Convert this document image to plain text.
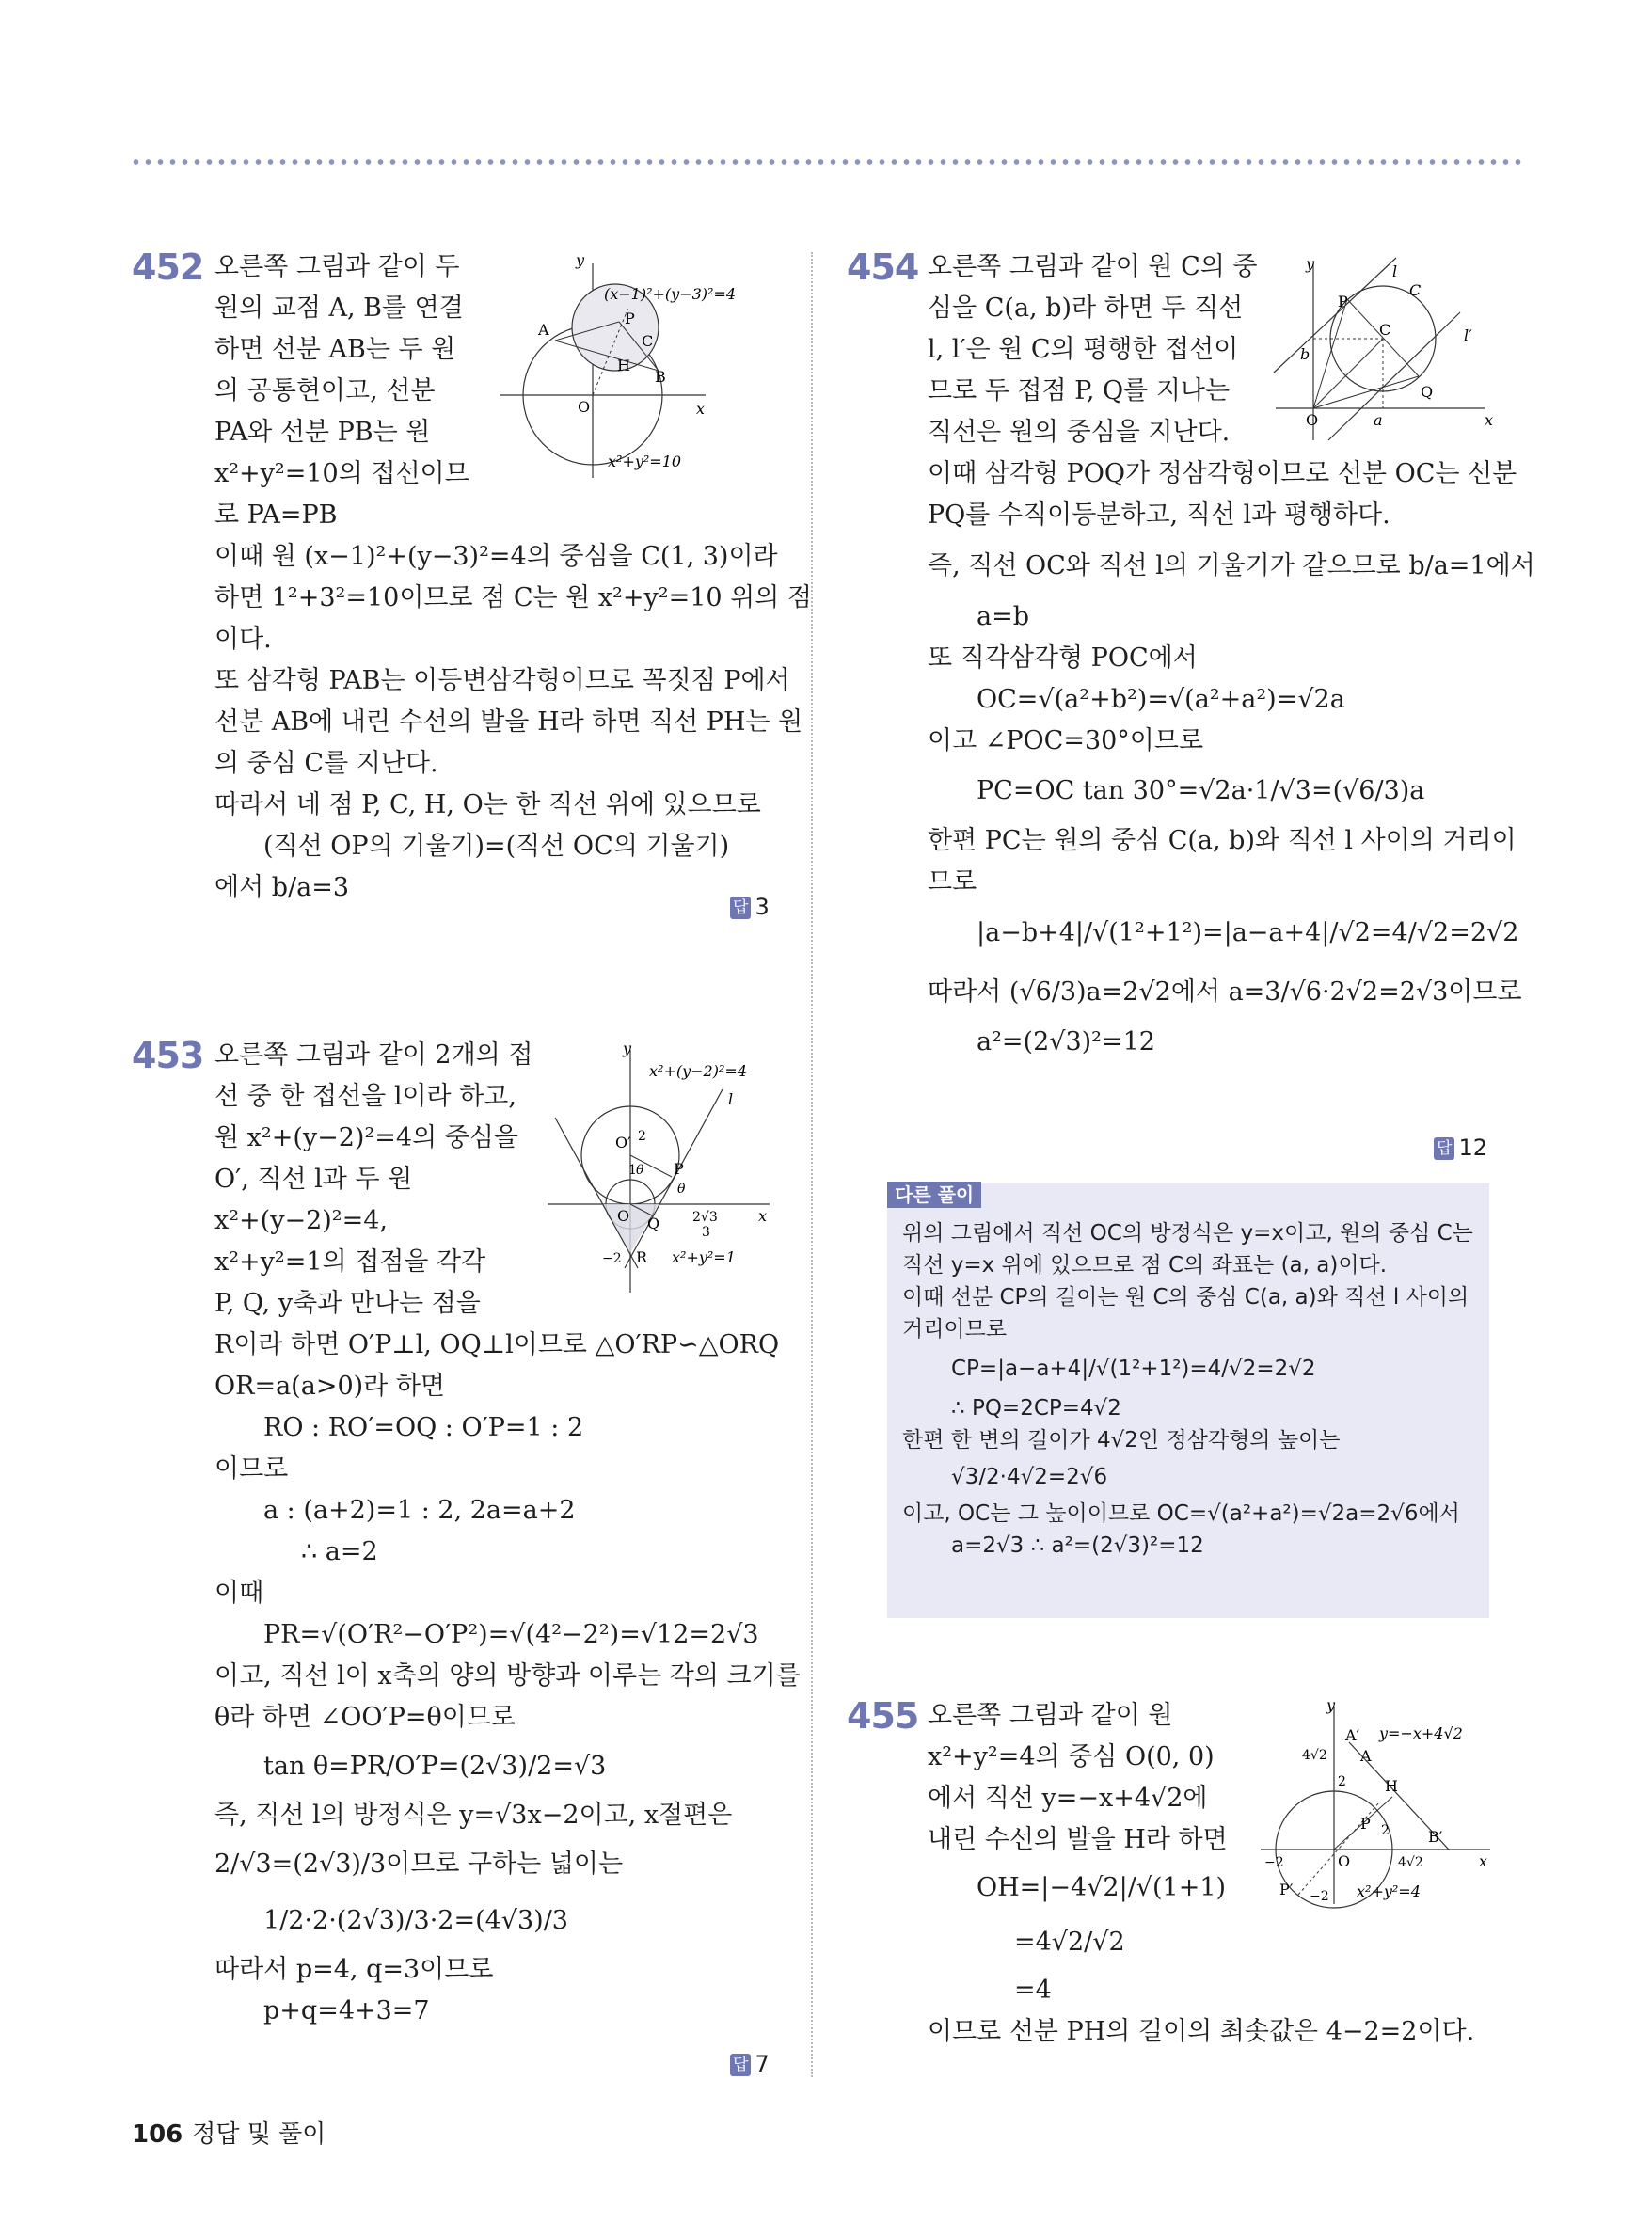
452 오른쪽 그림과 같이 두
원의 교점 A, B를 연결
하면 선분 AB는 두 원
의 공통현이고, 선분
PA와 선분 PB는 원
x²+y²=10의 접선이므
로 PA=PB
이때 원 (x−1)²+(y−3)²=4의 중심을 C(1, 3)이라
하면 1²+3²=10이므로 점 C는 원 x²+y²=10 위의 점
이다.
또 삼각형 PAB는 이등변삼각형이므로 꼭짓점 P에서
선분 AB에 내린 수선의 발을 H라 하면 직선 PH는 원
의 중심 C를 지난다.
따라서 네 점 P, C, H, O는 한 직선 위에 있으므로
(직선 OP의 기울기)=(직선 OC의 기울기)
에서 b/a=3
답 3
y
x
O
A
P
C
H
B
(x−1)²+(y−3)²=4
x²+y²=10
453 오른쪽 그림과 같이 2개의 접
선 중 한 접선을 l이라 하고,
원 x²+(y−2)²=4의 중심을
O′, 직선 l과 두 원
x²+(y−2)²=4,
x²+y²=1의 접점을 각각
P, Q, y축과 만나는 점을
R이라 하면 O′P⊥l, OQ⊥l이므로 △O′RP∽△ORQ
OR=a(a>0)라 하면
RO : RO′=OQ : O′P=1 : 2
이므로
a : (a+2)=1 : 2, 2a=a+2
∴ a=2
이때
PR=√(O′R²−O′P²)=√(4²−2²)=√12=2√3
이고, 직선 l이 x축의 양의 방향과 이루는 각의 크기를
θ라 하면 ∠OO′P=θ이므로
tan θ=PR/O′P=(2√3)/2=√3
즉, 직선 l의 방정식은 y=√3x−2이고, x절편은
2/√3=(2√3)/3이므로 구하는 넓이는
1/2·2·(2√3)/3·2=(4√3)/3
따라서 p=4, q=3이므로
p+q=4+3=7
답 7
y
x
l
O′ 2
1 θ P
θ
O Q 2√3
3
−2 R
x²+(y−2)²=4
x²+y²=1
454 오른쪽 그림과 같이 원 C의 중
심을 C(a, b)라 하면 두 직선
l, l′은 원 C의 평행한 접선이
므로 두 접점 P, Q를 지나는
직선은 원의 중심을 지난다.
이때 삼각형 POQ가 정삼각형이므로 선분 OC는 선분
PQ를 수직이등분하고, 직선 l과 평행하다.
즉, 직선 OC와 직선 l의 기울기가 같으므로 b/a=1에서
a=b
또 직각삼각형 POC에서
OC=√(a²+b²)=√(a²+a²)=√2a
이고 ∠POC=30°이므로
PC=OC tan 30°=√2a·1/√3=(√6/3)a
한편 PC는 원의 중심 C(a, b)와 직선 l 사이의 거리이
므로
|a−b+4|/√(1²+1²)=|a−a+4|/√2=4/√2=2√2
따라서 (√6/3)a=2√2에서 a=3/√6·2√2=2√3이므로
a²=(2√3)²=12
답 12
y
x
l
C
l′
P
C
b
O	a
Q
다른 풀이
위의 그림에서 직선 OC의 방정식은 y=x이고, 원의 중심 C는
직선 y=x 위에 있으므로 점 C의 좌표는 (a, a)이다.
이때 선분 CP의 길이는 원 C의 중심 C(a, a)와 직선 l 사이의
거리이므로
CP=|a−a+4|/√(1²+1²)=4/√2=2√2
∴ PQ=2CP=4√2
한편 한 변의 길이가 4√2인 정삼각형의 높이는
√3/2·4√2=2√6
이고, OC는 그 높이이므로 OC=√(a²+a²)=√2a=2√6에서
a=2√3 ∴ a²=(2√3)²=12
455 오른쪽 그림과 같이 원
x²+y²=4의 중심 O(0, 0)
에서 직선 y=−x+4√2에
내린 수선의 발을 H라 하면
OH=|−4√2|/√(1+1)
=4√2/√2
=4
이므로 선분 PH의 길이의 최솟값은 4−2=2이다.
y
x
A′
A
4√2
2	H
P 2	B′
−2	O	4√2
P′ −2
y=−x+4√2
x²+y²=4
106 정답 및 풀이
